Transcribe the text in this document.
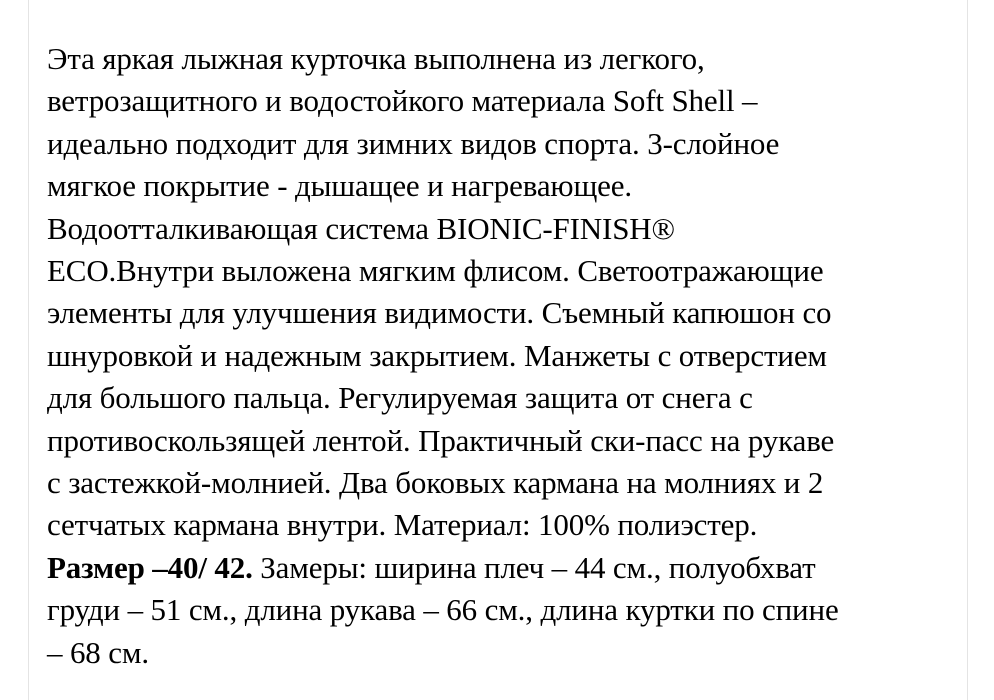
Эта яркая лыжная курточка выполнена из легкого,
ветрозащитного и водостойкого материала Soft Shell –
идеально подходит для зимних видов спорта. 3-слойное
мягкое покрытие - дышащее и нагревающее.
Водоотталкивающая система BIONIC-FINISH®
ECO.Внутри выложена мягким флисом. Светоотражающие
элементы для улучшения видимости. Съемный капюшон со
шнуровкой и надежным закрытием. Манжеты с отверстием
для большого пальца. Регулируемая защита от снега с
противоскользящей лентой. Практичный ски-пасс на рукаве
с застежкой-молнией. Два боковых кармана на молниях и 2
сетчатых кармана внутри. Материал: 100% полиэстер.
Размер –40/ 42. Замеры: ширина плеч – 44 см., полуобхват
груди – 51 см., длина рукава – 66 см., длина куртки по спине
– 68 см.
